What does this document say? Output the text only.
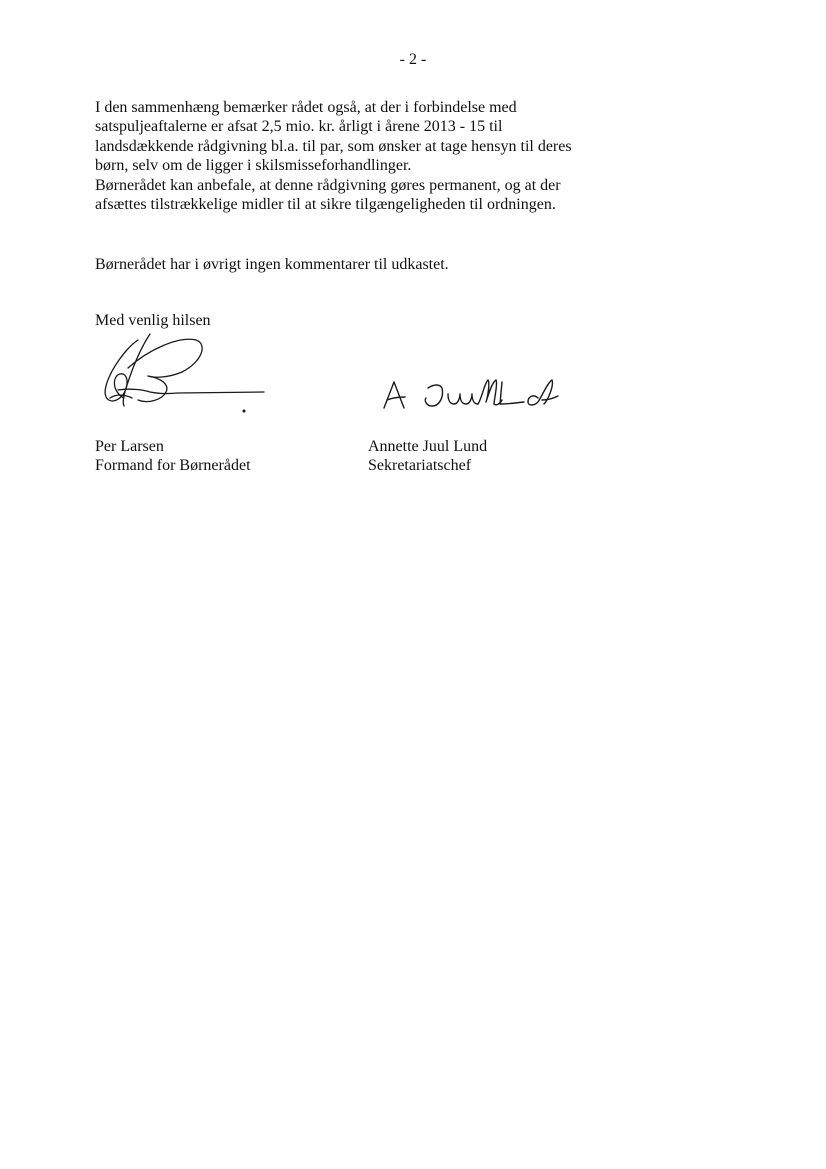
- 2 -
I den sammenhæng bemærker rådet også, at der i forbindelse med
satspuljeaftalerne er afsat 2,5 mio. kr. årligt i årene 2013 - 15 til
landsdækkende rådgivning bl.a. til par, som ønsker at tage hensyn til deres
børn, selv om de ligger i skilsmisseforhandlinger.
Børnerådet kan anbefale, at denne rådgivning gøres permanent, og at der
afsættes tilstrækkelige midler til at sikre tilgængeligheden til ordningen.
Børnerådet har i øvrigt ingen kommentarer til udkastet.
Med venlig hilsen
Per Larsen
Formand for Børnerådet
Annette Juul Lund
Sekretariatschef
